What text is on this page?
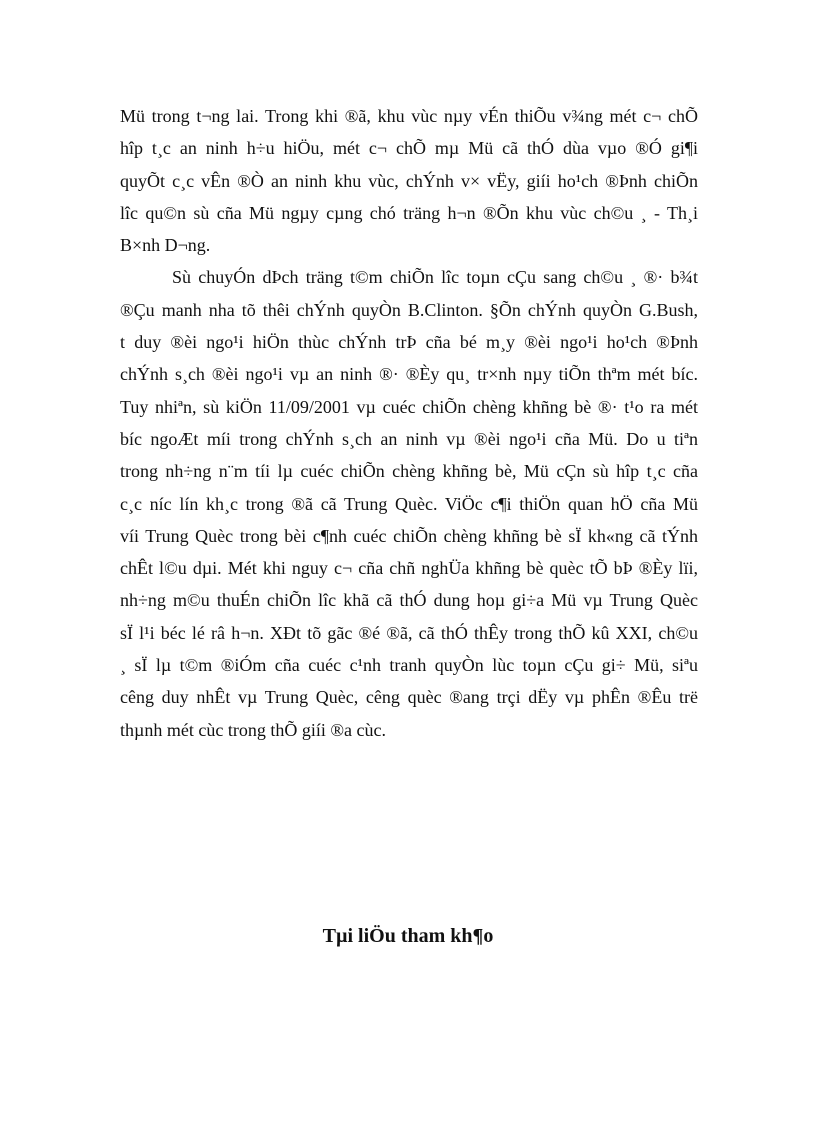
Mü trong t¬ng lai. Trong khi ®ã, khu vùc nµy vÉn thiÕu v¾ng mét c¬ chÕ
hîp t¸c an ninh h÷u hiÖu, mét c¬ chÕ mµ Mü cã thÓ dùa vµo ®Ó gi¶i
quyÕt c¸c vÊn ®Ò an ninh khu vùc, chÝnh v× vËy, giíi ho¹ch ®Þnh chiÕn
lîc qu©n sù cña Mü ngµy cµng chó träng h¬n ®Õn khu vùc ch©u ¸ - Th¸i
B×nh D¬ng.

Sù chuyÓn dÞch träng t©m chiÕn lîc toµn cÇu sang ch©u ¸ ®· b¾t
®Çu manh nha tõ thêi chÝnh quyÒn B.Clinton. §Õn chÝnh quyÒn G.Bush,
t duy ®èi ngo¹i hiÖn thùc chÝnh trÞ cña bé m¸y ®èi ngo¹i ho¹ch ®Þnh
chÝnh s¸ch ®èi ngo¹i vµ an ninh ®· ®Èy qu¸ tr×nh nµy tiÕn thªm mét bíc.
Tuy nhiªn, sù kiÖn 11/09/2001 vµ cuéc chiÕn chèng khñng bè ®· t¹o ra mét
bíc ngoÆt míi trong chÝnh s¸ch an ninh vµ ®èi ngo¹i cña Mü. Do u tiªn
trong nh÷ng n¨m tíi lµ cuéc chiÕn chèng khñng bè, Mü cÇn sù hîp t¸c cña
c¸c níc lín kh¸c trong ®ã cã Trung Quèc. ViÖc c¶i thiÖn quan hÖ cña Mü
víi Trung Quèc trong bèi c¶nh cuéc chiÕn chèng khñng bè sÏ kh«ng cã tÝnh
chÊt l©u dµi. Mét khi nguy c¬ cña chñ nghÜa khñng bè quèc tÕ bÞ ®Èy lïi,
nh÷ng m©u thuÉn chiÕn lîc khã cã thÓ dung hoµ gi÷a Mü vµ Trung Quèc
sÏ l¹i béc lé râ h¬n. XÐt tõ gãc ®é ®ã, cã thÓ thÊy trong thÕ kû XXI, ch©u
¸ sÏ lµ t©m ®iÓm cña cuéc c¹nh tranh quyÒn lùc toµn cÇu gi÷ Mü, siªu
cêng duy nhÊt vµ Trung Quèc, cêng quèc ®ang trçi dËy vµ phÊn ®Êu trë
thµnh mét cùc trong thÕ giíi ®a cùc.

Tµi liÖu tham kh¶o
